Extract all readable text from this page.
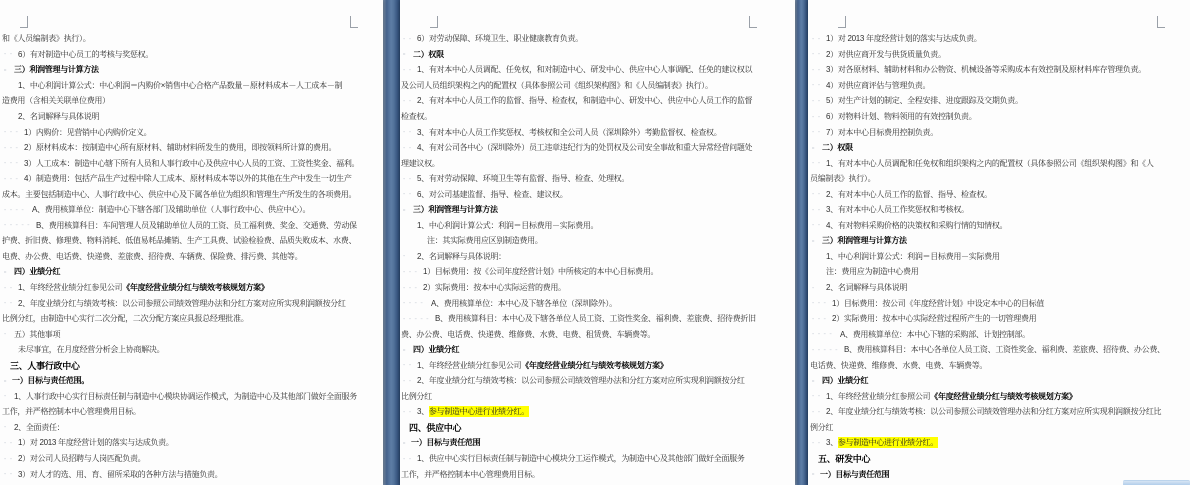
和《人员编制表》执行）。
-- 6）有对制造中心员工的考核与奖惩权。
- 三）利润管理与计算方法
1、中心利润计算公式：中心利润＝内购价×销售中心合格产品数量－原材料成本－人工成本－制
造费用（含相关关联单位费用）
2、名词解释与具体说明
--- 1）内购价：见营销中心内购价定义。
--- 2）原材料成本：按制造中心所有原材料、辅助材料所发生的费用，即按领料所计算的费用。
--- 3）人工成本：制造中心辖下所有人员和人事行政中心及供应中心人员的工资、工资性奖金、福利。
--- 4）制造费用：包括产品生产过程中除人工成本、原材料成本等以外的其他在生产中发生一切生产
成本。主要包括制造中心、人事行政中心、供应中心及下属各单位为组织和管理生产所发生的各项费用。
---- A、费用核算单位：制造中心下辖各部门及辅助单位（人事行政中心、供应中心）。
----- B、费用核算科目：车间管理人员及辅助单位人员的工资、员工福利费、奖金、交通费、劳动保
护费、折旧费、修理费、物料消耗、低值易耗品摊销、生产工具费、试验检验费、品质失败成本、水费、
电费、办公费、电话费、快递费、差旅费、招待费、车辆费、保险费、排污费、其他等。
- 四）业绩分红
-- 1、年终经营业绩分红参见公司 《年度经营业绩分红与绩效考核规划方案》
-- 2、年度业绩分红与绩效考核：以公司参照公司绩效管理办法和分红方案对应所实现利润额按分红
比例分红，由制造中心实行二次分配，二次分配方案应具报总经理批准。
- 五）其他事项
未尽事宜，在月度经营分析会上协商解决。
三、人事行政中心
- 一）目标与责任范围。
- 1、人事行政中心实行目标责任制与制造中心模块协调运作模式，为制造中心及其他部门做好全面服务
工作，并严格控制本中心管理费用目标。
- 2、全面责任：
-- 1）对 2013 年度经营计划的落实与达成负责。
-- 2）对公司人员招聘与人岗匹配负责。
-- 3）对人才的选、用、育、留所采取的各种方法与措施负责。
-- 6）对劳动保障、环境卫生、职业健康教育负责。
- 二）权限
-- 1、有对本中心人员调配、任免权，和对制造中心、研发中心、供应中心人事调配、任免的建议权以
及公司人员组织架构之内的配置权（具体参照公司《组织架构图》和《人员编制表》执行）。
-- 2、有对本中心人员工作的监督、指导、检查权，和制造中心、研发中心、供应中心人员工作的监督
检查权。
-- 3、有对本中心人员工作奖惩权、考核权和全公司人员（深圳除外）考勤监督权、检查权。
-- 4、有对公司各中心（深圳除外）员工违章违纪行为的处罚权及公司安全事故和重大异常经营问题处
理建议权。
-- 5、有对劳动保障、环境卫生等有监督、指导、检查、处理权。
-- 6、对公司基建监督、指导、检查、建议权。
- 三）利润管理与计算方法
1、中心利润计算公式：利润＝目标费用－实际费用。
注：其实际费用应区别制造费用。
- 2、名词解释与具体说明：
--- 1）目标费用：按《公司年度经营计划》中所核定的本中心目标费用。
--- 2）实际费用：按本中心实际运营的费用。
---- A、费用核算单位：本中心及下辖各单位（深圳除外）。
----- B、费用核算科目：本中心及下辖各单位人员工资、工资性奖金、福利费、差旅费、招待费折旧
费、办公费、电话费、快递费、维修费、水费、电费、租赁费、车辆费等。
- 四）业绩分红
-- 1、年终经营业绩分红参见公司 《年度经营业绩分红与绩效考核规划方案》
-- 2、年度业绩分红与绩效考核：以公司参照公司绩效管理办法和分红方案对应所实现利润额按分红
比例分红
-- 3、 参与制造中心进行业绩分红。
四、供应中心
- 一）目标与责任范围
-- 1、供应中心实行目标责任制与制造中心模块分工运作模式，为制造中心及其他部门做好全面服务
工作，并严格控制本中心管理费用目标。
-- 1）对 2013 年度经营计划的落实与达成负责。
-- 2）对供应商开发与供货质量负责。
-- 3）对各原材料、辅助材料和办公物资、机械设备等采购成本有效控制及原材料库存管理负责。
-- 4）对供应商评估与管理负责。
-- 5）对生产计划的制定、全程安排、进度跟踪及交期负责。
-- 6）对物料计划、物料领用的有效控制负责。
-- 7）对本中心目标费用控制负责。
- 二）权限
-- 1、有对本中心人员调配和任免权和组织架构之内的配置权（具体参照公司《组织架构图》和《人
员编制表》执行）。
-- 2、有对本中心人员工作的监督、指导、检查权。
-- 3、有对本中心人员工作奖惩权和考核权。
-- 4、有对物料采购价格的决策权和采购行情的知情权。
- 三）利润管理与计算方法
1、中心利润计算公式：利润＝目标费用－实际费用
注：费用应为制造中心费用
- 2、名词解释与具体说明
--- 1）目标费用：按公司《年度经营计划》中设定本中心的目标值
--- 2）实际费用：按本中心实际经营过程所产生的一切管理费用
---- A、费用核算单位：本中心下辖的采购部、计划控制部。
----- B、费用核算科目：本中心各单位人员工资、工资性奖金、福利费、差旅费、招待费、办公费、
电话费、快递费、维修费、水费、电费、车辆费等。
- 四）业绩分红
-- 1、年终经营业绩分红参照公司 《年度经营业绩分红与绩效考核规划方案》
-- 2、年度业绩分红与绩效考核：以公司参照公司绩效管理办法和分红方案对应所实现利润额按分红比
例分红
-- 3、 参与制造中心进行业绩分红。
五、研发中心
- 一）目标与责任范围
